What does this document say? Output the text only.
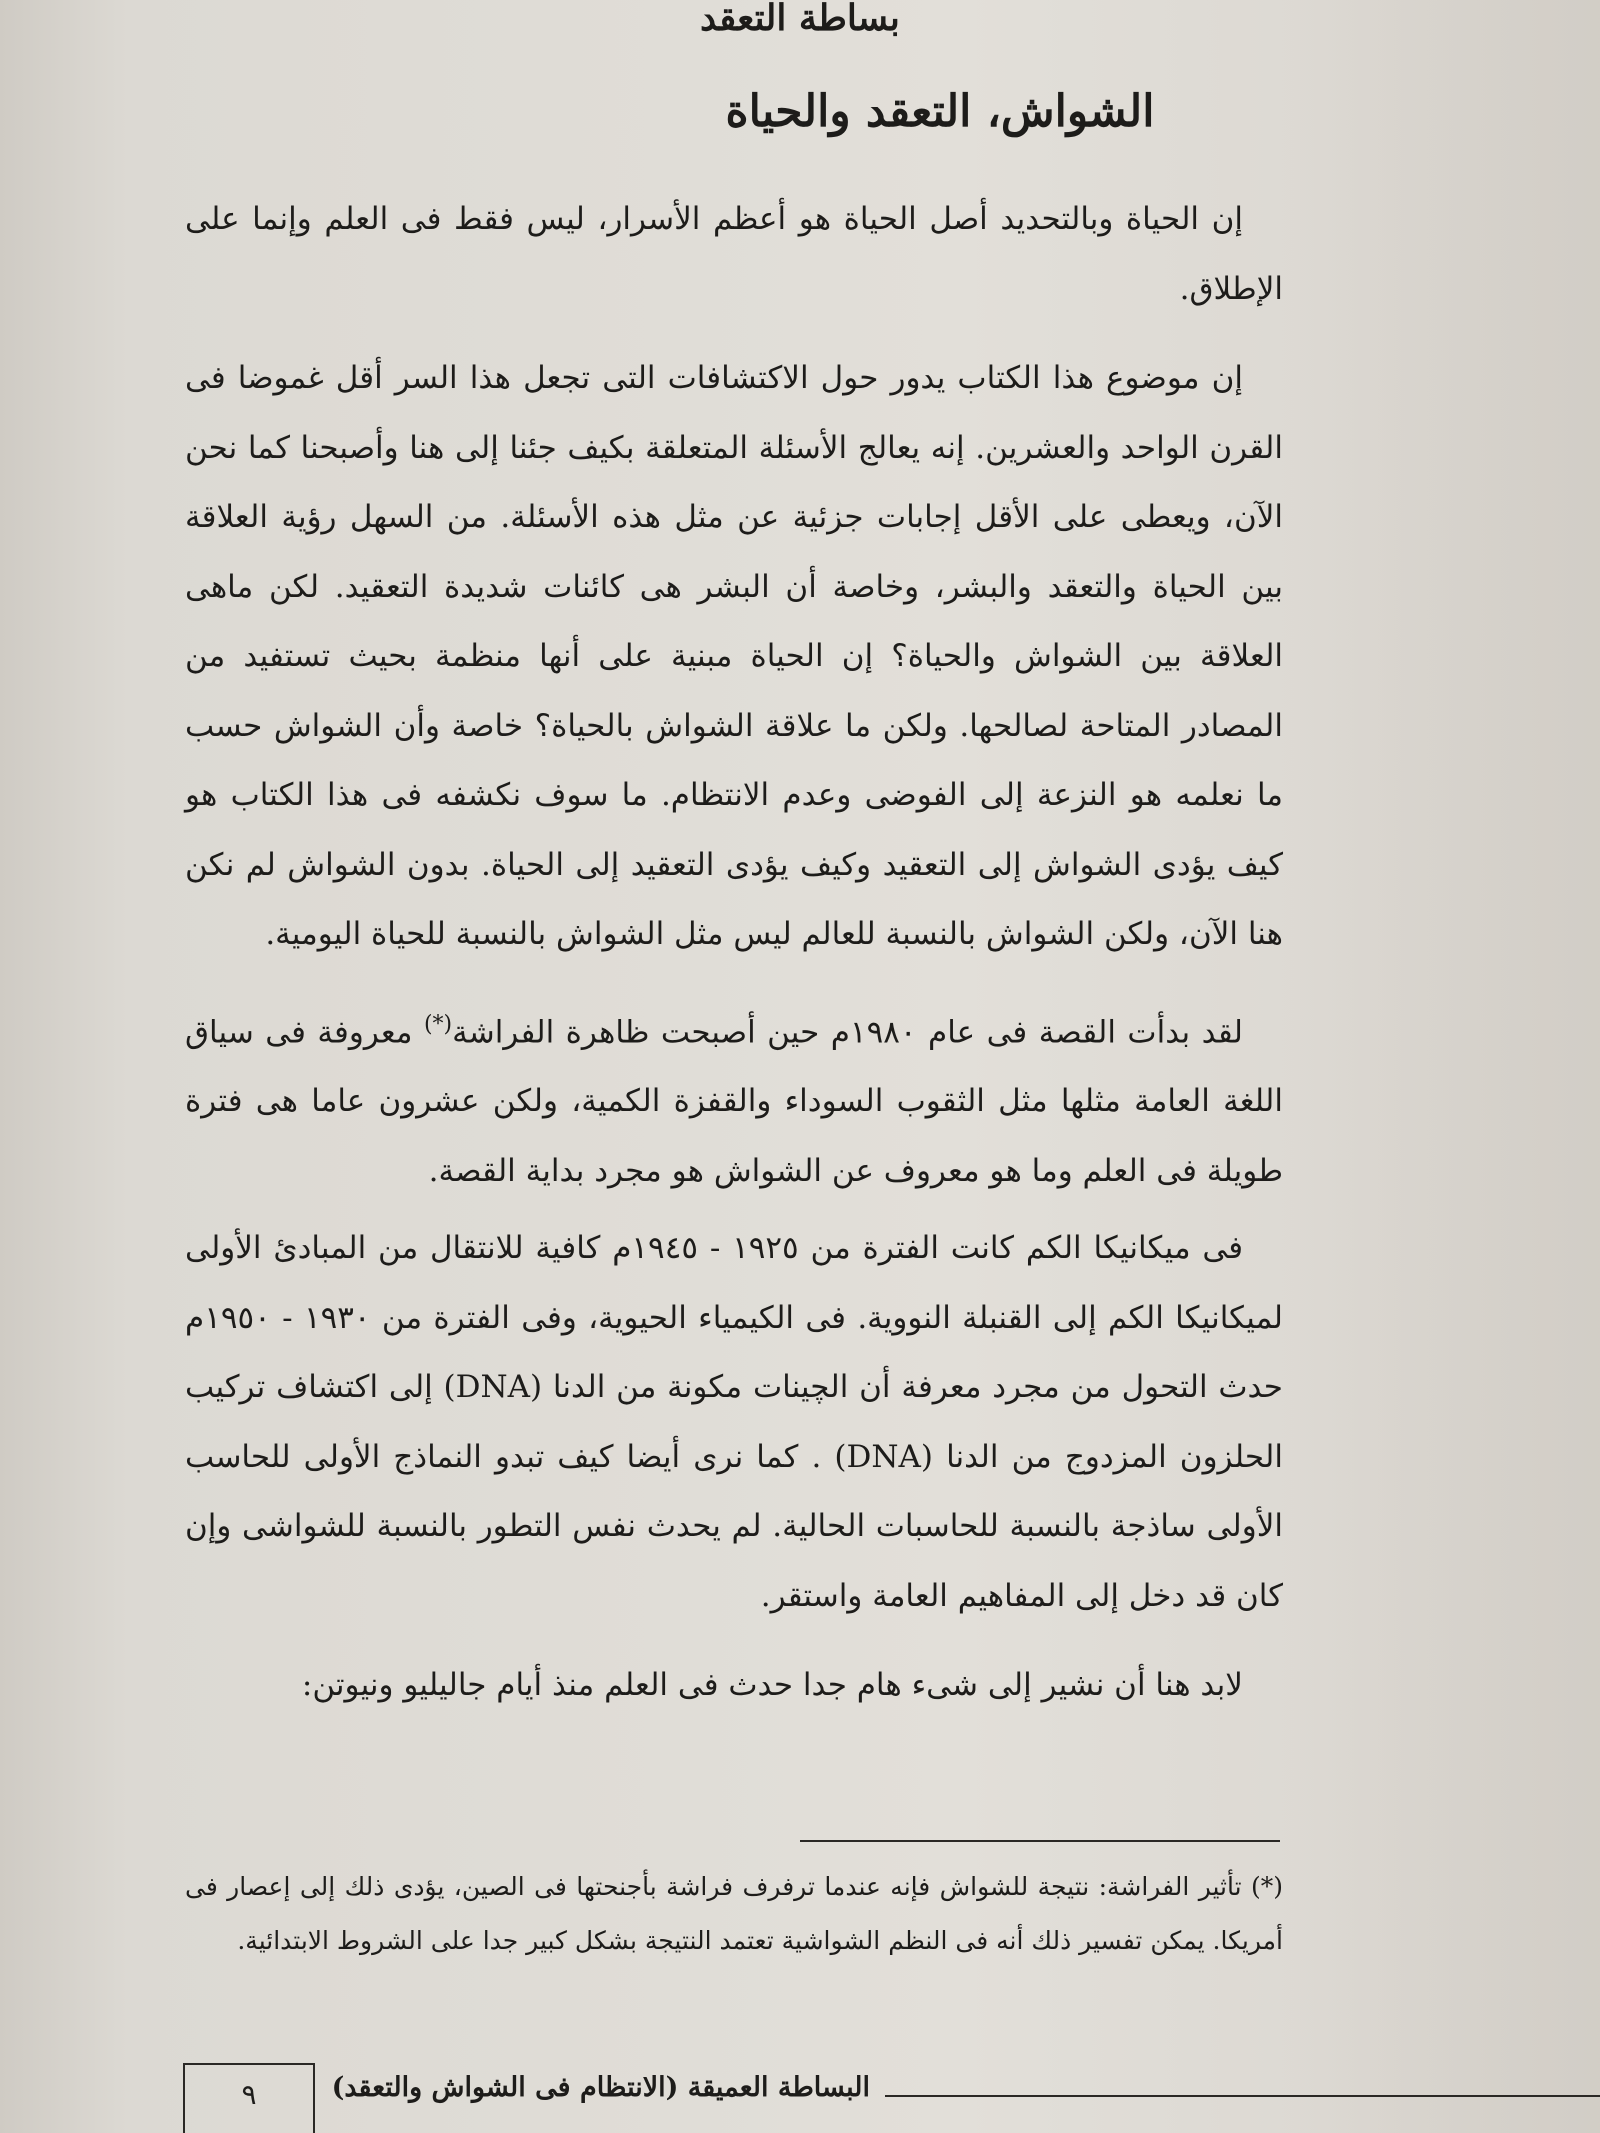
بساطة التعقد
الشواش، التعقد والحياة

إن الحياة وبالتحديد أصل الحياة هو أعظم الأسرار، ليس فقط فى العلم وإنما على الإطلاق.

إن موضوع هذا الكتاب يدور حول الاكتشافات التى تجعل هذا السر أقل غموضا فى القرن الواحد والعشرين. إنه يعالج الأسئلة المتعلقة بكيف جئنا إلى هنا وأصبحنا كما نحن الآن، ويعطى على الأقل إجابات جزئية عن مثل هذه الأسئلة. من السهل رؤية العلاقة بين الحياة والتعقد والبشر، وخاصة أن البشر هى كائنات شديدة التعقيد. لكن ماهى العلاقة بين الشواش والحياة؟ إن الحياة مبنية على أنها منظمة بحيث تستفيد من المصادر المتاحة لصالحها. ولكن ما علاقة الشواش بالحياة؟ خاصة وأن الشواش حسب ما نعلمه هو النزعة إلى الفوضى وعدم الانتظام. ما سوف نكشفه فى هذا الكتاب هو كيف يؤدى الشواش إلى التعقيد وكيف يؤدى التعقيد إلى الحياة. بدون الشواش لم نكن هنا الآن، ولكن الشواش بالنسبة للعالم ليس مثل الشواش بالنسبة للحياة اليومية.

لقد بدأت القصة فى عام ١٩٨٠م حين أصبحت ظاهرة الفراشة(*) معروفة فى سياق اللغة العامة مثلها مثل الثقوب السوداء والقفزة الكمية، ولكن عشرون عاما هى فترة طويلة فى العلم وما هو معروف عن الشواش هو مجرد بداية القصة.

فى ميكانيكا الكم كانت الفترة من ١٩٢٥ - ١٩٤٥م كافية للانتقال من المبادئ الأولى لميكانيكا الكم إلى القنبلة النووية. فى الكيمياء الحيوية، وفى الفترة من ١٩٣٠ - ١٩٥٠م حدث التحول من مجرد معرفة أن الچينات مكونة من الدنا (DNA) إلى اكتشاف تركيب الحلزون المزدوج من الدنا (DNA) . كما نرى أيضا كيف تبدو النماذج الأولى للحاسب الأولى ساذجة بالنسبة للحاسبات الحالية. لم يحدث نفس التطور بالنسبة للشواشى وإن كان قد دخل إلى المفاهيم العامة واستقر.

لابد هنا أن نشير إلى شىء هام جدا حدث فى العلم منذ أيام جاليليو ونيوتن:

(*) تأثير الفراشة: نتيجة للشواش فإنه عندما ترفرف فراشة بأجنحتها فى الصين، يؤدى ذلك إلى إعصار فى أمريكا. يمكن تفسير ذلك أنه فى النظم الشواشية تعتمد النتيجة بشكل كبير جدا على الشروط الابتدائية.
البساطة العميقة (الانتظام فى الشواش والتعقد)
٩
